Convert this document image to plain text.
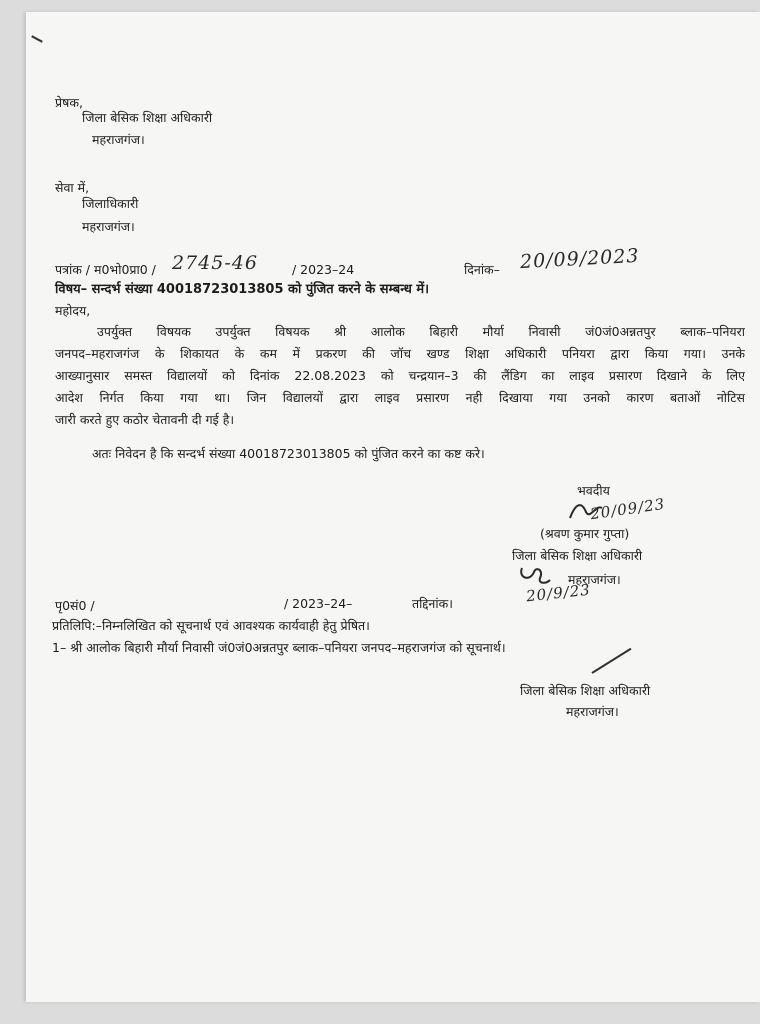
प्रेषक,
जिला बेसिक शिक्षा अधिकारी
महराजगंज।
सेवा में,
जिलाधिकारी
महराजगंज।
पत्रांक / म0भो0प्रा0 / 2745-46	/ 2023–24	दिनांक– 20/09/2023
विषय– सन्दर्भ संख्या 40018723013805 को पुंजित करने के सम्बन्ध में।
महोदय,
उपर्युक्त विषयक उपर्युक्त विषयक श्री आलोक बिहारी मौर्या निवासी जं0जं0अन्नतपुर ब्लाक–पनियरा
जनपद–महराजगंज के शिकायत के कम में प्रकरण की जॉच खण्ड शिक्षा अधिकारी पनियरा द्वारा किया गया। उनके
आख्यानुसार समस्त विद्यालयों को दिनांक 22.08.2023 को चन्द्रयान–3 की लैंडिग का लाइव प्रसारण दिखाने के लिए
आदेश निर्गत किया गया था। जिन विद्यालयों द्वारा लाइव प्रसारण नही दिखाया गया उनको कारण बताओं नोटिस
जारी करते हुए कठोर चेतावनी दी गई है।
अतः निवेदन है कि सन्दर्भ संख्या 40018723013805 को पुंजित करने का कष्ट करे।
भवदीय
20/09/23
(श्रवण कुमार गुप्ता)
जिला बेसिक शिक्षा अधिकारी
महराजगंज।
20/9/23
पृ0सं0 /	/ 2023–24–	तद्दिनांक।
प्रतिलिपि:–निम्नलिखित को सूचनार्थ एवं आवश्यक कार्यवाही हेतु प्रेषित।
1– श्री आलोक बिहारी मौर्या निवासी जं0जं0अन्नतपुर ब्लाक–पनियरा जनपद–महराजगंज को सूचनार्थ।
जिला बेसिक शिक्षा अधिकारी
महराजगंज।
